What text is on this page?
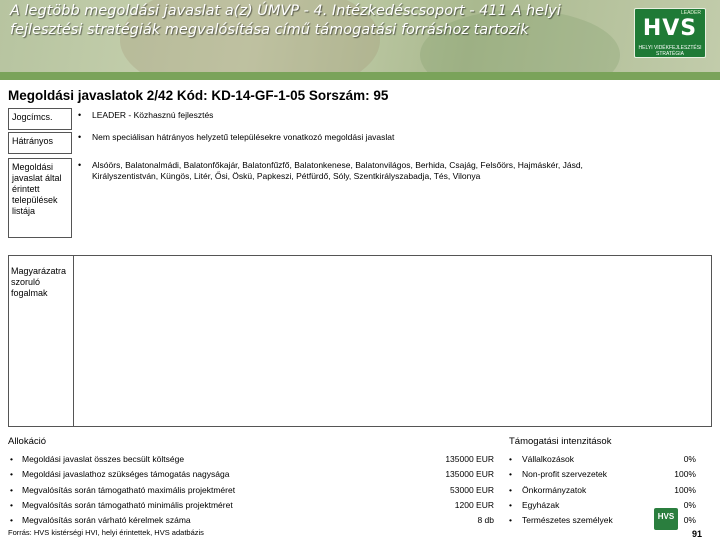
A legtöbb megoldási javaslat a(z) ÚMVP - 4. Intézkedéscsoport - 411 A helyi fejlesztési stratégiák megvalósítása című támogatási forráshoz tartozik
LEADER
HVS
HELYI VIDÉKFEJLESZTÉSI STRATÉGIA
Megoldási javaslatok 2/42 Kód: KD-14-GF-1-05 Sorszám: 95
Jogcímcs.	• LEADER - Közhasznú fejlesztés
Hátrányos	• Nem speciálisan hátrányos helyzetű településekre vonatkozó megoldási javaslat
Megoldási javaslat által érintett települések listája
• Alsóörs, Balatonalmádi, Balatonfőkajár, Balatonfűzfő, Balatonkenese, Balatonvilágos, Berhida, Csajág, Felsőörs, Hajmáskér, Jásd,
Királyszentistván, Küngös, Litér, Ősi, Öskü, Papkeszi, Pétfürdő, Sóly, Szentkirályszabadja, Tés, Vilonya
Magyarázatra szoruló fogalmak
Allokáció	Támogatási intenzitások
• Megoldási javaslat összes becsült költsége	135000 EUR
• Megoldási javaslathoz szükséges támogatás nagysága	135000 EUR
• Megvalósítás során támogatható maximális projektméret	53000 EUR
• Megvalósítás során támogatható minimális projektméret	1200 EUR
• Megvalósítás során várható kérelmek száma	8 db
• Vállalkozások	0%
• Non-profit szervezetek	100%
• Önkormányzatok	100%
• Egyházak	0%
• Természetes személyek	0%
Forrás: HVS kistérségi HVI, helyi érintettek, HVS adatbázis
HVS
91
